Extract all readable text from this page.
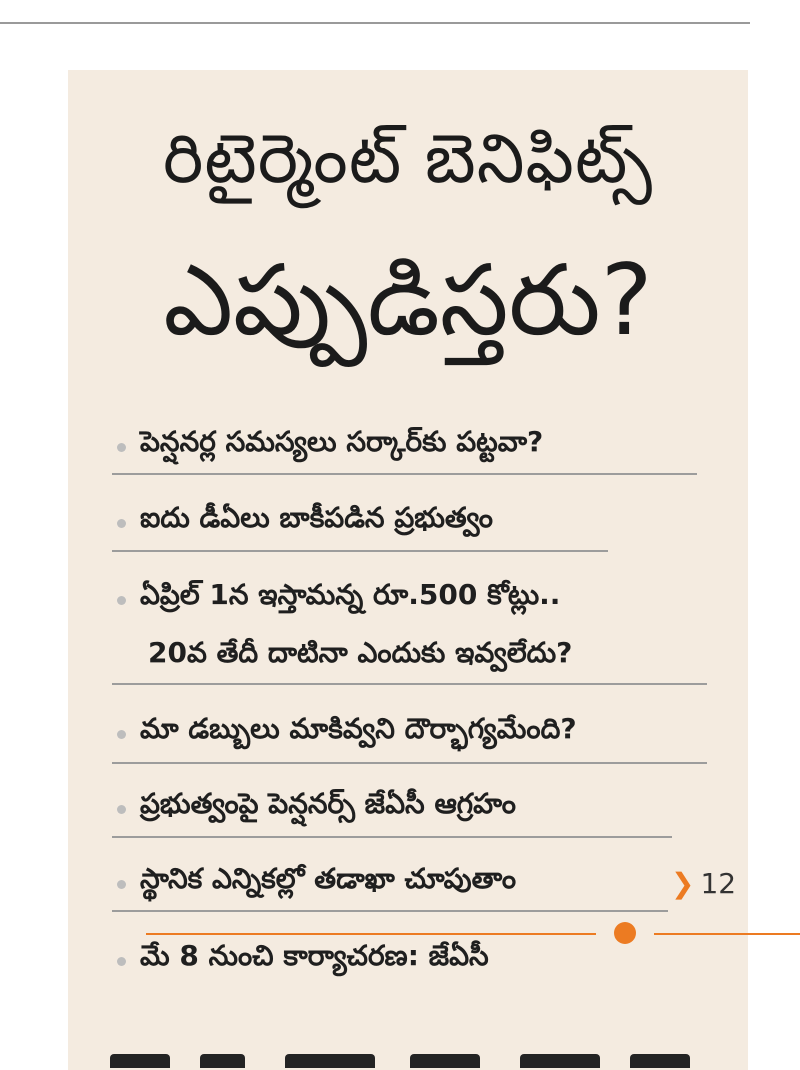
రిటైర్మెంట్ బెనిఫిట్స్
ఎప్పుడిస్తరు?
పెన్షనర్ల సమస్యలు సర్కార్‌కు పట్టవా?
ఐదు డీఏలు బాకీపడిన ప్రభుత్వం
ఏప్రిల్ 1న ఇస్తామన్న రూ.500 కోట్లు..
20వ తేదీ దాటినా ఎందుకు ఇవ్వలేదు?
మా డబ్బులు మాకివ్వని దౌర్భాగ్యమేంది?
ప్రభుత్వంపై పెన్షనర్స్ జేఏసీ ఆగ్రహం
స్థానిక ఎన్నికల్లో తడాఖా చూపుతాం
మే 8 నుంచి కార్యాచరణ: జేఏసీ
❯ 12
